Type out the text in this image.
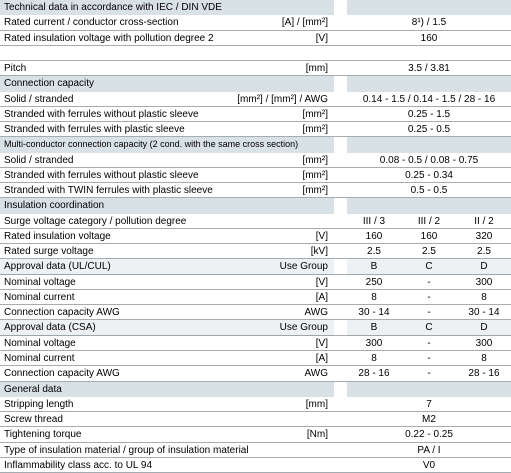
Technical data in accordance with IEC / DIN VDE
Rated current / conductor cross-section	[A] / [mm²]	8¹) / 1.5
Rated insulation voltage with pollution degree 2	[V]	160
Pitch	[mm]	3.5 / 3.81
Connection capacity
Solid / stranded	[mm²] / [mm²] / AWG	0.14 - 1.5 / 0.14 - 1.5 / 28 - 16
Stranded with ferrules without plastic sleeve	[mm²]	0.25 - 1.5
Stranded with ferrules with plastic sleeve	[mm²]	0.25 - 0.5
Multi-conductor connection capacity (2 cond. with the same cross section)
Solid / stranded	[mm²]	0.08 - 0.5 / 0.08 - 0.75
Stranded with ferrules without plastic sleeve	[mm²]	0.25 - 0.34
Stranded with TWIN ferrules with plastic sleeve	[mm²]	0.5 - 0.5
Insulation coordination
Surge voltage category / pollution degree	III / 3	III / 2	II / 2
Rated insulation voltage	[V]	160	160	320
Rated surge voltage	[kV]	2.5	2.5	2.5
Approval data (UL/CUL)	Use Group	B	C	D
Nominal voltage	[V]	250	-	300
Nominal current	[A]	8	-	8
Connection capacity AWG	AWG	30 - 14	-	30 - 14
Approval data (CSA)	Use Group	B	C	D
Nominal voltage	[V]	300	-	300
Nominal current	[A]	8	-	8
Connection capacity AWG	AWG	28 - 16	-	28 - 16
General data
Stripping length	[mm]	7
Screw thread	M2
Tightening torque	[Nm]	0.22 - 0.25
Type of insulation material / group of insulation material	PA / I
Inflammability class acc. to UL 94	V0
